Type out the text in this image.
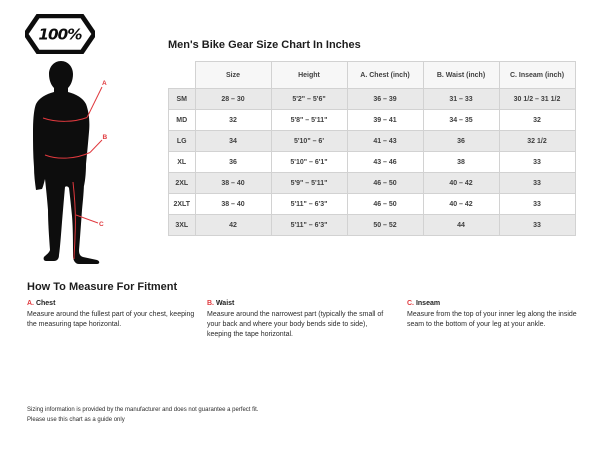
100%
A
B
C
Men's Bike Gear Size Chart In Inches
	Size	Height	A. Chest (inch)	B. Waist (inch)	C. Inseam (inch)
SM	28 – 30	5'2" – 5'6"	36 – 39	31 – 33	30 1/2 – 31 1/2
MD	32	5'8" – 5'11"	39 – 41	34 – 35	32
LG	34	5'10" – 6'	41 – 43	36	32 1/2
XL	36	5'10" – 6'1"	43 – 46	38	33
2XL	38 – 40	5'9" – 5'11"	46 – 50	40 – 42	33
2XLT	38 – 40	5'11" – 6'3"	46 – 50	40 – 42	33
3XL	42	5'11" – 6'3"	50 – 52	44	33
How To Measure For Fitment
A. Chest
Measure around the fullest part of your chest, keeping the measuring tape horizontal.
B. Waist
Measure around the narrowest part (typically the small of your back and where your body bends side to side), keeping the tape horizontal.
C. Inseam
Measure from the top of your inner leg along the inside seam to the bottom of your leg at your ankle.
Sizing information is provided by the manufacturer and does not guarantee a perfect fit.
Please use this chart as a guide only
